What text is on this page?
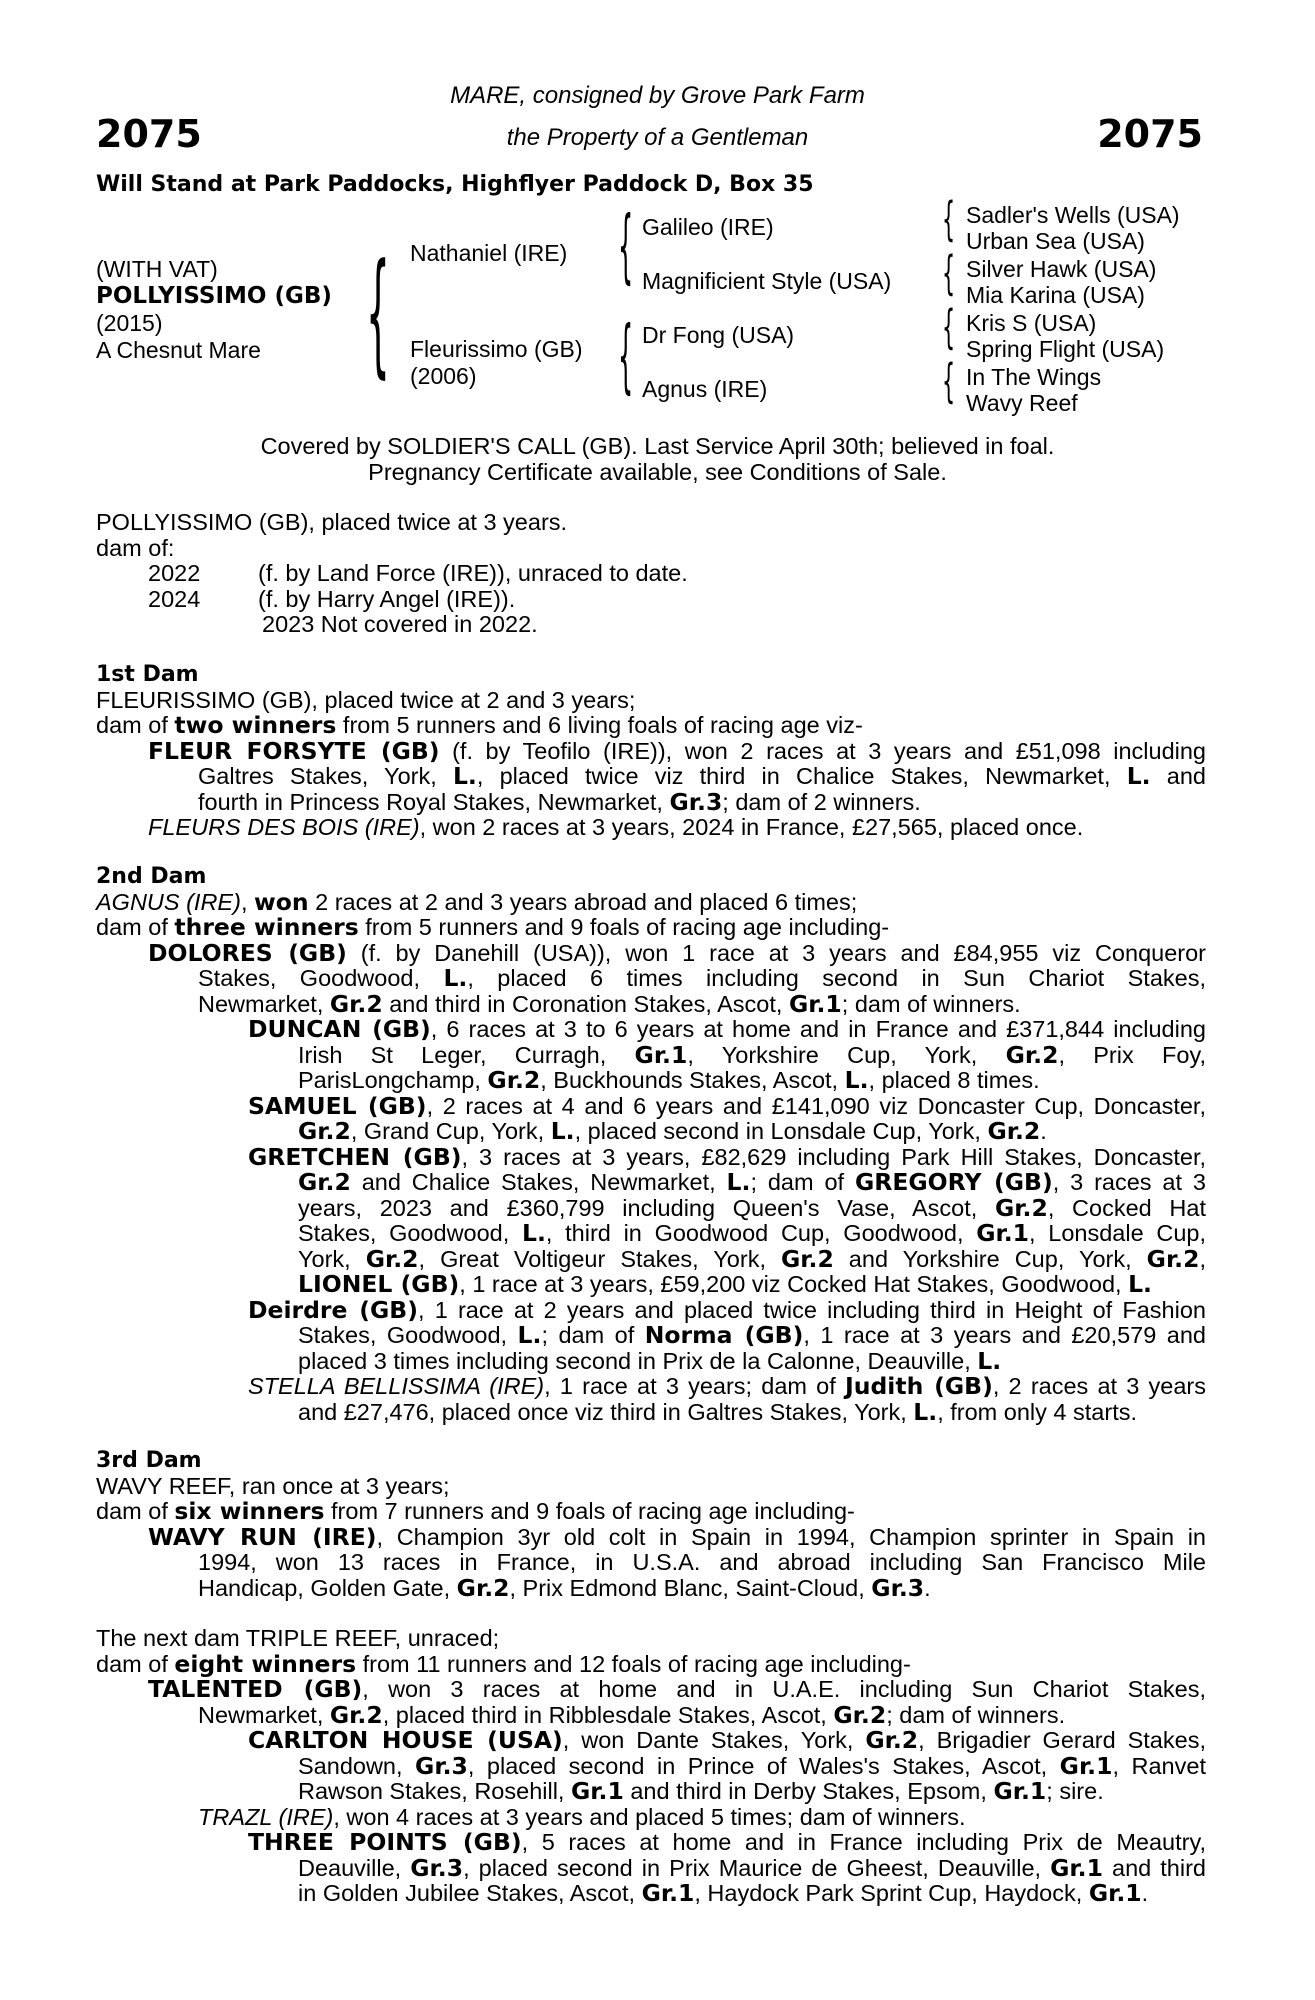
2075	2075
MARE, consigned by Grove Park Farm
the Property of a Gentleman
Will Stand at Park Paddocks, Highflyer Paddock D, Box 35
(WITH VAT)
POLLYISSIMO (GB)
(2015)
A Chesnut Mare { Nathaniel (IRE)
Fleurissimo (GB)
(2006)
{
{
Galileo (IRE)
Magnificient Style (USA)
Dr Fong (USA)
Agnus (IRE)
{
{
{
{
Sadler's Wells (USA)
Urban Sea (USA)
Silver Hawk (USA)
Mia Karina (USA)
Kris S (USA)
Spring Flight (USA)
In The Wings
Wavy Reef
Covered by SOLDIER'S CALL (GB). Last Service April 30th; believed in foal.
Pregnancy Certificate available, see Conditions of Sale.
POLLYISSIMO (GB), placed twice at 3 years.
dam of:
2022 (f. by Land Force (IRE)), unraced to date.
2024 (f. by Harry Angel (IRE)).
2023 Not covered in 2022.
1st Dam
FLEURISSIMO (GB), placed twice at 2 and 3 years;
dam of two winners from 5 runners and 6 living foals of racing age viz-
FLEUR FORSYTE (GB) (f. by Teofilo (IRE)), won 2 races at 3 years and £51,098 including
Galtres Stakes, York, L., placed twice viz third in Chalice Stakes, Newmarket, L. and
fourth in Princess Royal Stakes, Newmarket, Gr.3; dam of 2 winners.
FLEURS DES BOIS (IRE), won 2 races at 3 years, 2024 in France, £27,565, placed once.
2nd Dam
AGNUS (IRE), won 2 races at 2 and 3 years abroad and placed 6 times;
dam of three winners from 5 runners and 9 foals of racing age including-
DOLORES (GB) (f. by Danehill (USA)), won 1 race at 3 years and £84,955 viz Conqueror
Stakes, Goodwood, L., placed 6 times including second in Sun Chariot Stakes,
Newmarket, Gr.2 and third in Coronation Stakes, Ascot, Gr.1; dam of winners.
DUNCAN (GB), 6 races at 3 to 6 years at home and in France and £371,844 including
Irish St Leger, Curragh, Gr.1, Yorkshire Cup, York, Gr.2, Prix Foy,
ParisLongchamp, Gr.2, Buckhounds Stakes, Ascot, L., placed 8 times.
SAMUEL (GB), 2 races at 4 and 6 years and £141,090 viz Doncaster Cup, Doncaster,
Gr.2, Grand Cup, York, L., placed second in Lonsdale Cup, York, Gr.2.
GRETCHEN (GB), 3 races at 3 years, £82,629 including Park Hill Stakes, Doncaster,
Gr.2 and Chalice Stakes, Newmarket, L.; dam of GREGORY (GB), 3 races at 3
years, 2023 and £360,799 including Queen's Vase, Ascot, Gr.2, Cocked Hat
Stakes, Goodwood, L., third in Goodwood Cup, Goodwood, Gr.1, Lonsdale Cup,
York, Gr.2, Great Voltigeur Stakes, York, Gr.2 and Yorkshire Cup, York, Gr.2,
LIONEL (GB), 1 race at 3 years, £59,200 viz Cocked Hat Stakes, Goodwood, L.
Deirdre (GB), 1 race at 2 years and placed twice including third in Height of Fashion
Stakes, Goodwood, L.; dam of Norma (GB), 1 race at 3 years and £20,579 and
placed 3 times including second in Prix de la Calonne, Deauville, L.
STELLA BELLISSIMA (IRE), 1 race at 3 years; dam of Judith (GB), 2 races at 3 years
and £27,476, placed once viz third in Galtres Stakes, York, L., from only 4 starts.
3rd Dam
WAVY REEF, ran once at 3 years;
dam of six winners from 7 runners and 9 foals of racing age including-
WAVY RUN (IRE), Champion 3yr old colt in Spain in 1994, Champion sprinter in Spain in
1994, won 13 races in France, in U.S.A. and abroad including San Francisco Mile
Handicap, Golden Gate, Gr.2, Prix Edmond Blanc, Saint-Cloud, Gr.3.
The next dam TRIPLE REEF, unraced;
dam of eight winners from 11 runners and 12 foals of racing age including-
TALENTED (GB), won 3 races at home and in U.A.E. including Sun Chariot Stakes,
Newmarket, Gr.2, placed third in Ribblesdale Stakes, Ascot, Gr.2; dam of winners.
CARLTON HOUSE (USA), won Dante Stakes, York, Gr.2, Brigadier Gerard Stakes,
Sandown, Gr.3, placed second in Prince of Wales's Stakes, Ascot, Gr.1, Ranvet
Rawson Stakes, Rosehill, Gr.1 and third in Derby Stakes, Epsom, Gr.1; sire.
TRAZL (IRE), won 4 races at 3 years and placed 5 times; dam of winners.
THREE POINTS (GB), 5 races at home and in France including Prix de Meautry,
Deauville, Gr.3, placed second in Prix Maurice de Gheest, Deauville, Gr.1 and third
in Golden Jubilee Stakes, Ascot, Gr.1, Haydock Park Sprint Cup, Haydock, Gr.1.
